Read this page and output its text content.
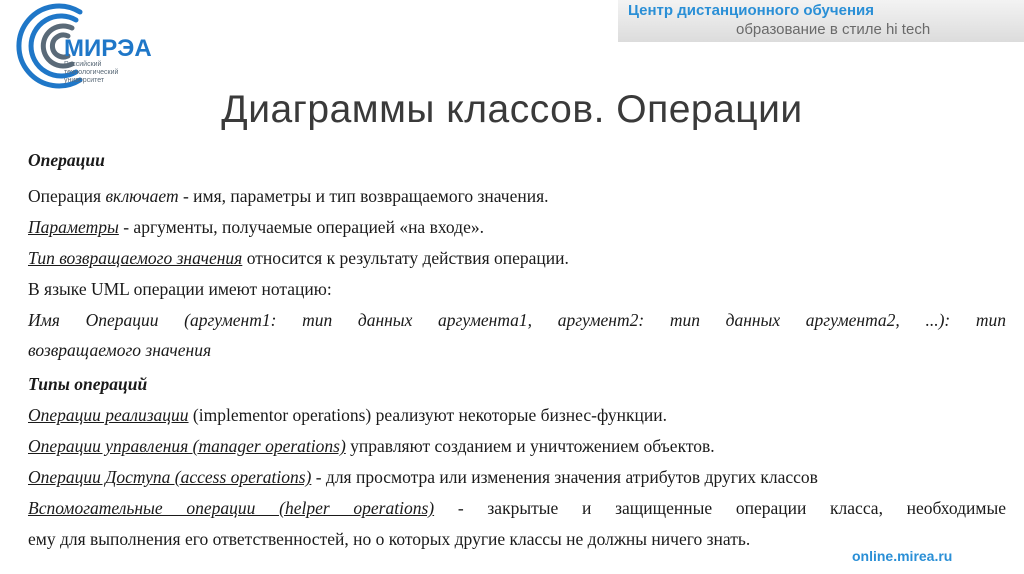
МИРЭА
Российский
технологический
университет
Центр дистанционного обучения
образование в стиле hi tech
Диаграммы классов. Операции
Операции
Операция включает - имя, параметры и тип возвращаемого значения.
Параметры - аргументы, получаемые операцией «на входе».
Тип возвращаемого значения относится к результату действия операции.
В языке UML операции имеют нотацию:
Имя Операции (аргумент1: тип данных аргумента1, аргумент2: тип данных аргумента2, ...): тип
возвращаемого значения
Типы операций
Операции реализации (implementor operations) реализуют некоторые бизнес-функции.
Операции управления (manager operations) управляют созданием и уничтожением объектов.
Операции Доступа (access operations) - для просмотра или изменения значения атрибутов других классов
Вспомогательные операции (helper operations) - закрытые и защищенные операции класса, необходимые
ему для выполнения его ответственностей, но о которых другие классы не должны ничего знать.
online.mirea.ru
